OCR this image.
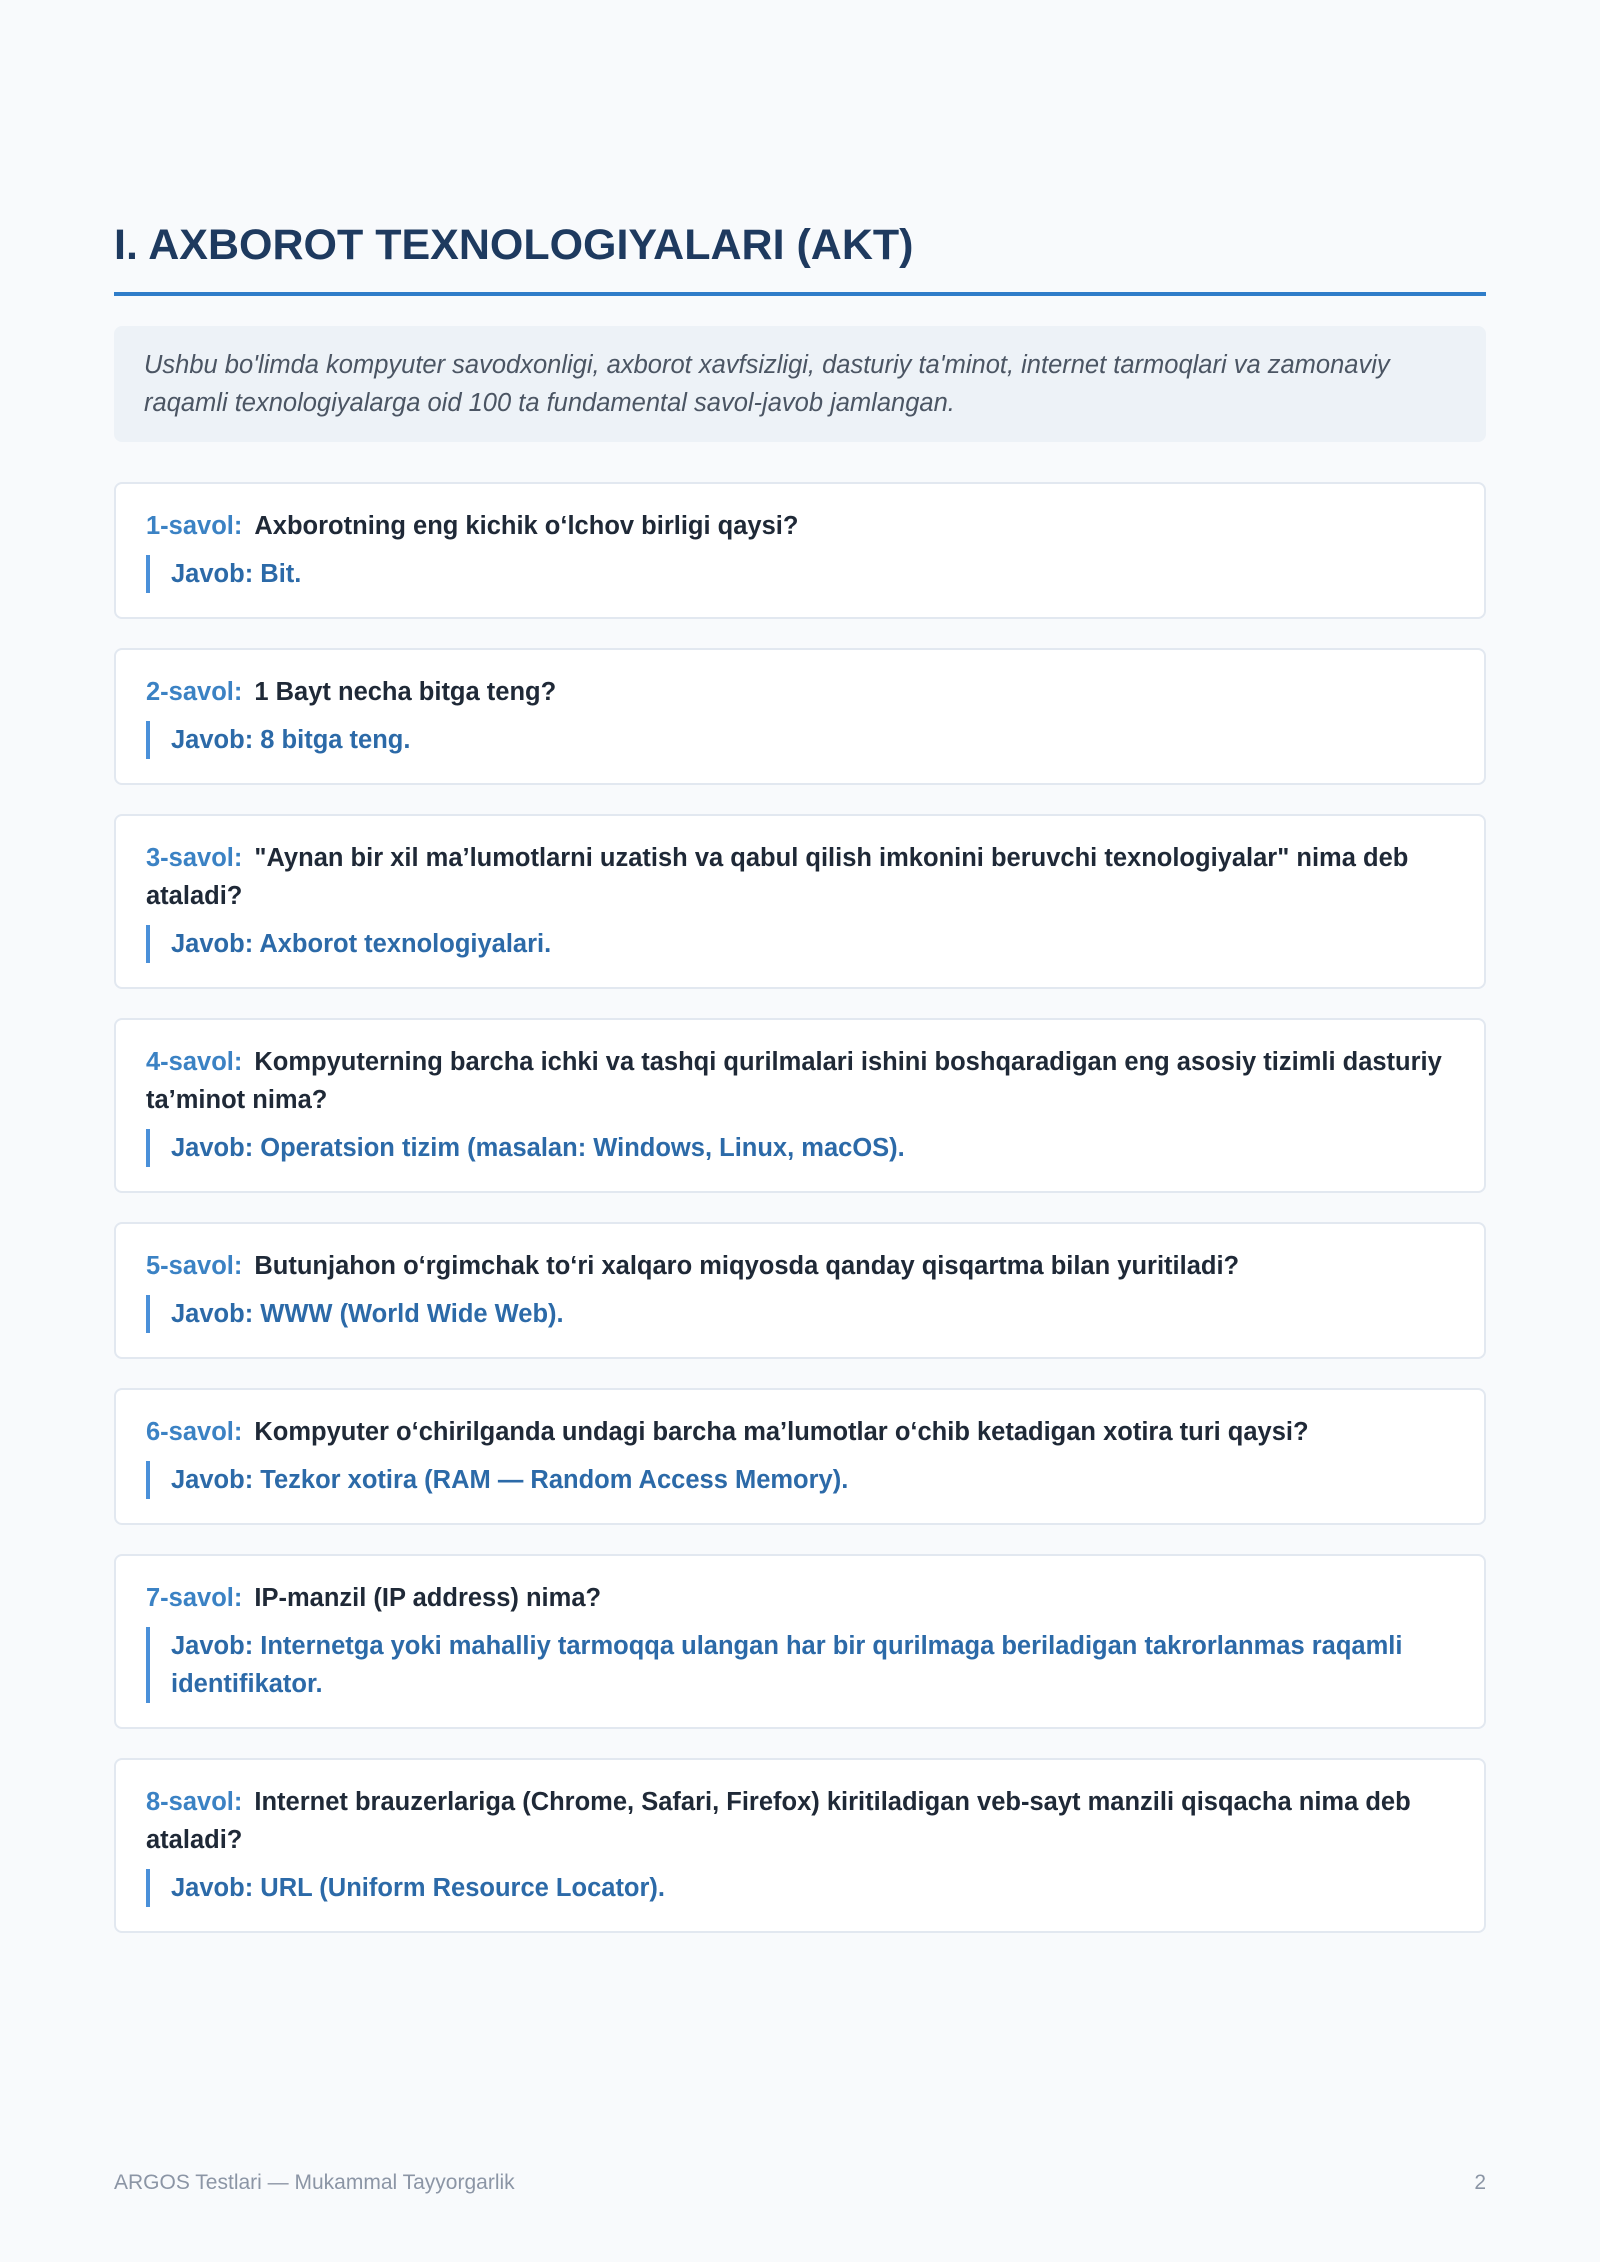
I. AXBOROT TEXNOLOGIYALARI (AKT)
Ushbu bo'limda kompyuter savodxonligi, axborot xavfsizligi, dasturiy ta'minot, internet tarmoqlari va zamonaviy raqamli texnologiyalarga oid 100 ta fundamental savol-javob jamlangan.
1-savol: Axborotning eng kichik o‘lchov birligi qaysi?
Javob: Bit.
2-savol: 1 Bayt necha bitga teng?
Javob: 8 bitga teng.
3-savol: "Aynan bir xil ma’lumotlarni uzatish va qabul qilish imkonini beruvchi texnologiyalar" nima deb ataladi?
Javob: Axborot texnologiyalari.
4-savol: Kompyuterning barcha ichki va tashqi qurilmalari ishini boshqaradigan eng asosiy tizimli dasturiy ta’minot nima?
Javob: Operatsion tizim (masalan: Windows, Linux, macOS).
5-savol: Butunjahon o‘rgimchak to‘ri xalqaro miqyosda qanday qisqartma bilan yuritiladi?
Javob: WWW (World Wide Web).
6-savol: Kompyuter o‘chirilganda undagi barcha ma’lumotlar o‘chib ketadigan xotira turi qaysi?
Javob: Tezkor xotira (RAM — Random Access Memory).
7-savol: IP-manzil (IP address) nima?
Javob: Internetga yoki mahalliy tarmoqqa ulangan har bir qurilmaga beriladigan takrorlanmas raqamli identifikator.
8-savol: Internet brauzerlariga (Chrome, Safari, Firefox) kiritiladigan veb-sayt manzili qisqacha nima deb ataladi?
Javob: URL (Uniform Resource Locator).
ARGOS Testlari — Mukammal Tayyorgarlik	2
